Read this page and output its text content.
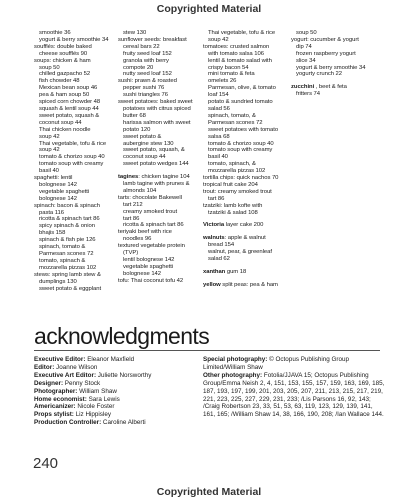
Copyrighted Material
smoothie 36
yogurt & berry smoothie 34
soufflés: double baked
cheese soufflés 90
soups: chicken & ham
soup 50
chilled gazpacho 52
fish chowder 48
Mexican bean soup 46
pea & ham soup 50
spiced corn chowder 48
squash & lentil soup 44
sweet potato, squash &
coconut soup 44
Thai chicken noodle
soup 42
Thai vegetable, tofu & rice
soup 42
tomato & chorizo soup 40
tomato soup with creamy
basil 40
spaghetti: lentil
bolognese 142
vegetable spaghetti
bolognese 142
spinach: bacon & spinach
pasta 116
ricotta & spinach tart 86
spicy spinach & onion
bhajis 158
spinach & fish pie 126
spinach, tomato &
Parmesan scones 72
tomato, spinach &
mozzarella pizzas 102
stews: spring lamb stew &
dumplings 130
sweet potato & eggplant
stew 130
sunflower seeds: breakfast
cereal bars 22
fruity seed loaf 152
granola with berry
compote 20
nutty seed loaf 152
sushi: prawn & roasted
pepper sushi 76
sushi triangles 76
sweet potatoes: baked sweet
potatoes with citrus spiced
butter 68
harissa salmon with sweet
potato 120
sweet potato &
aubergine stew 130
sweet potato, squash, &
coconut soup 44
sweet potato wedges 144
tagines: chicken tagine 104
lamb tagine with prunes &
almonds 104
tarts: chocolate Bakewell
tart 212
creamy smoked trout
tart 86
ricotta & spinach tart 86
teriyaki beef with rice
noodles 96
textured vegetable protein
(TVP)
lentil bolognese 142
vegetable spaghetti
bolognese 142
tofu: Thai coconut tofu 42
Thai vegetable, tofu & rice
soup 42
tomatoes: crusted salmon
with tomato salsa 106
lentil & tomato salad with
crispy bacon 54
mini tomato & feta
omelets 26
Parmesan, olive, & tomato
loaf 154
potato & sundried tomato
salad 56
spinach, tomato, &
Parmesan scones 72
sweet potatoes with tomato
salsa 68
tomato & chorizo soup 40
tomato soup with creamy
basil 40
tomato, spinach, &
mozzarella pizzas 102
tortilla chips: quick nachos 70
tropical fruit cake 204
trout: creamy smoked trout
tart 86
tzatziki: lamb kofte with
tzatziki & salad 108
Victoria layer cake 200
walnuts: apple & walnut
bread 154
walnut, pear, & greenleaf
salad 62
xanthan gum 18
yellow split peas: pea & ham
soup 50
yogurt: cucumber & yogurt
dip 74
frozen raspberry yogurt
slice 34
yogurt & berry smoothie 34
yogurty crunch 22
zucchini , beet & feta
fritters 74
acknowledgments
Executive Editor: Eleanor Maxfield
Editor: Joanne Wilson
Executive Art Editor: Juliette Norsworthy
Designer: Penny Stock
Photographer: William Shaw
Home economist: Sara Lewis
Americanizer: Nicole Foster
Props stylist: Liz Hippisley
Production Controller: Caroline Alberti
Special photography: © Octopus Publishing Group Limited/William Shaw
Other photography: Fotolia/JJAVA 15; Octopus Publishing Group/Emma Neish 2, 4, 151, 153, 155, 157, 159, 163, 169, 185, 187, 193, 197, 199, 201, 203, 205, 207, 211, 213, 215, 217, 219, 221, 223, 225, 227, 229, 231, 233; /Lis Parsons 16, 92, 143; /Craig Robertson 23, 33, 51, 53, 63, 119, 123, 129, 139, 141, 161, 165; /William Shaw 14, 38, 166, 190, 208; /Ian Wallace 144.
240
Copyrighted Material
